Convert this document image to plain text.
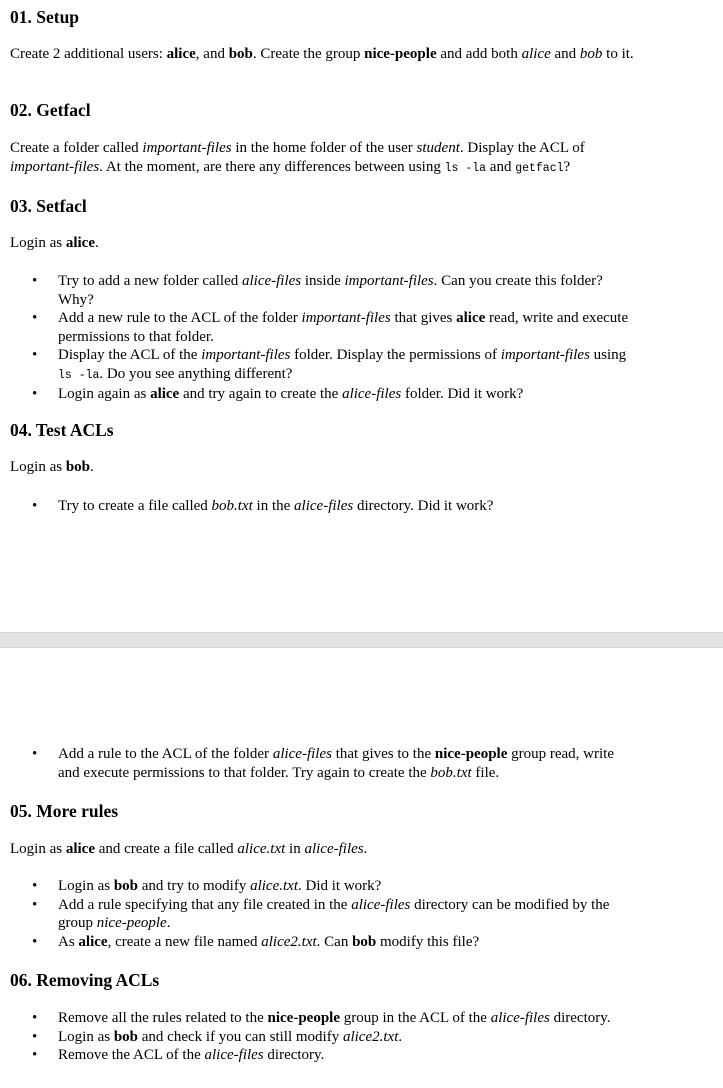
01. Setup

Create 2 additional users: alice, and bob. Create the group nice-people and add both alice and bob to it.

02. Getfacl

Create a folder called important-files in the home folder of the user student. Display the ACL of important-files. At the moment, are there any differences between using ls -la and getfacl?

03. Setfacl

Login as alice.

• Try to add a new folder called alice-files inside important-files. Can you create this folder? Why?
• Add a new rule to the ACL of the folder important-files that gives alice read, write and execute permissions to that folder.
• Display the ACL of the important-files folder. Display the permissions of important-files using ls -la. Do you see anything different?
• Login again as alice and try again to create the alice-files folder. Did it work?
04. Test ACLs

Login as bob.

• Try to create a file called bob.txt in the alice-files directory. Did it work?
• Add a rule to the ACL of the folder alice-files that gives to the nice-people group read, write and execute permissions to that folder. Try again to create the bob.txt file.
05. More rules

Login as alice and create a file called alice.txt in alice-files.

• Login as bob and try to modify alice.txt. Did it work?
• Add a rule specifying that any file created in the alice-files directory can be modified by the group nice-people.
• As alice, create a new file named alice2.txt. Can bob modify this file?
06. Removing ACLs
• Remove all the rules related to the nice-people group in the ACL of the alice-files directory.
• Login as bob and check if you can still modify alice2.txt.
• Remove the ACL of the alice-files directory.
